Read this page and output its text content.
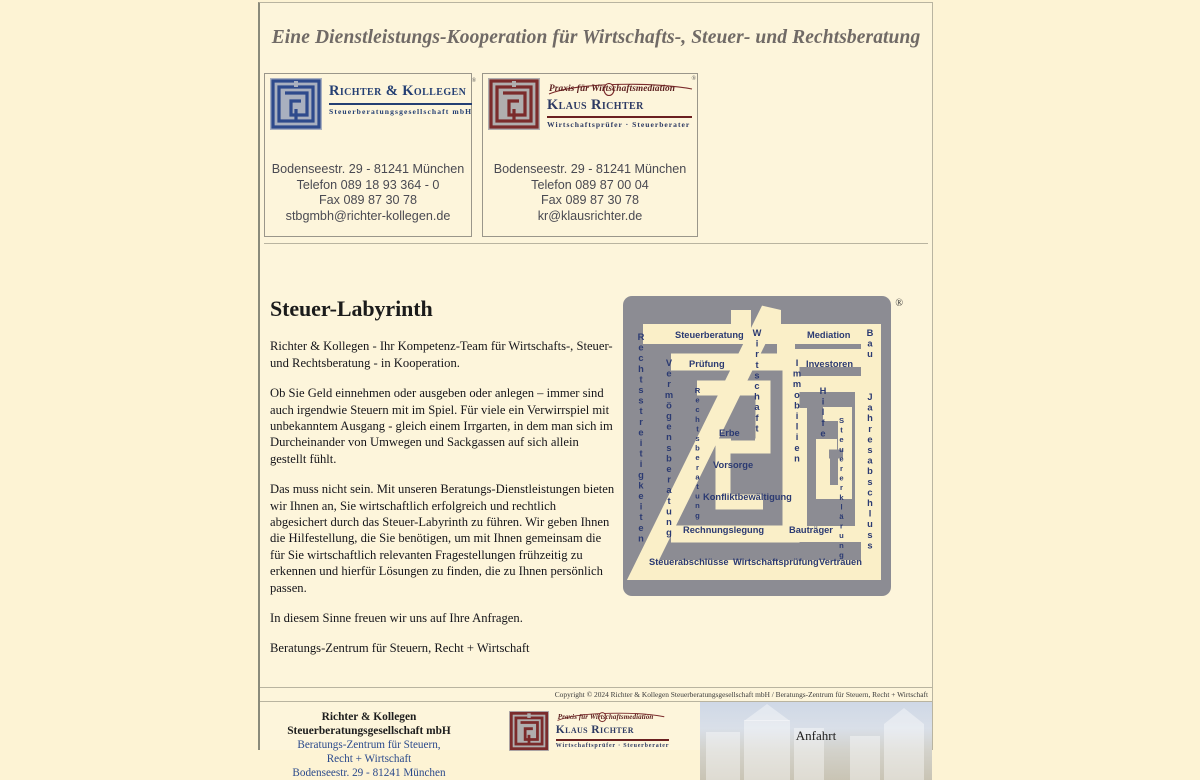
Eine Dienstleistungs-Kooperation für Wirtschafts-, Steuer- und Rechtsberatung
®
Richter & Kollegen
Steuerberatungsgesellschaft mbH
Bodenseestr. 29 - 81241 München
Telefon 089 18 93 364 - 0
Fax 089 87 30 78
stbgmbh@richter-kollegen.de
®
Praxis für Wirtschaftsmediation
Klaus Richter
Wirtschaftsprüfer · Steuerberater
Bodenseestr. 29 - 81241 München
Telefon 089 87 00 04
Fax 089 87 30 78
kr@klausrichter.de
Steuer-Labyrinth

Richter & Kollegen - Ihr Kompetenz-Team für Wirtschafts-, Steuer- und Rechtsberatung - in Kooperation.

Ob Sie Geld einnehmen oder ausgeben oder anlegen – immer sind auch irgendwie Steuern mit im Spiel. Für viele ein Verwirrspiel mit unbekanntem Ausgang - gleich einem Irrgarten, in dem man sich im Durcheinander von Umwegen und Sackgassen auf sich allein gestellt fühlt.

Das muss nicht sein. Mit unseren Beratungs-Dienstleistungen bieten wir Ihnen an, Sie wirtschaftlich erfolgreich und rechtlich abgesichert durch das Steuer-Labyrinth zu führen. Wir geben Ihnen die Hilfestellung, die Sie benötigen, um mit Ihnen gemeinsam die für Sie wirtschaftlich relevanten Fragestellungen frühzeitig zu erkennen und hierfür Lösungen zu finden, die zu Ihnen persönlich passen.

In diesem Sinne freuen wir uns auf Ihre Anfragen.

Beratungs-Zentrum für Steuern, Recht + Wirtschaft

®
Steuerberatung	Mediation
Prüfung	Investoren
Erbe
Vorsorge
Konfliktbewältigung
Rechnungslegung	Bauträger
Steuerabschlüsse Wirtschaftsprüfung Vertrauen
Rechtsstreitigkeiten	Wirtschaft	Bau
Vermögensberatung	Rechtsberatung	Immobilien Hilfe
Steuererklärung Jahresabschluss
Copyright © 2024 Richter & Kollegen Steuerberatungsgesellschaft mbH / Beratungs-Zentrum für Steuern, Recht + Wirtschaft
Richter & Kollegen
Steuerberatungsgesellschaft mbH
Beratungs-Zentrum für Steuern,
Recht + Wirtschaft
Bodenseestr. 29 - 81241 München
Praxis für Wirtschaftsmediation
Klaus Richter
Wirtschaftsprüfer · Steuerberater
Anfahrt
